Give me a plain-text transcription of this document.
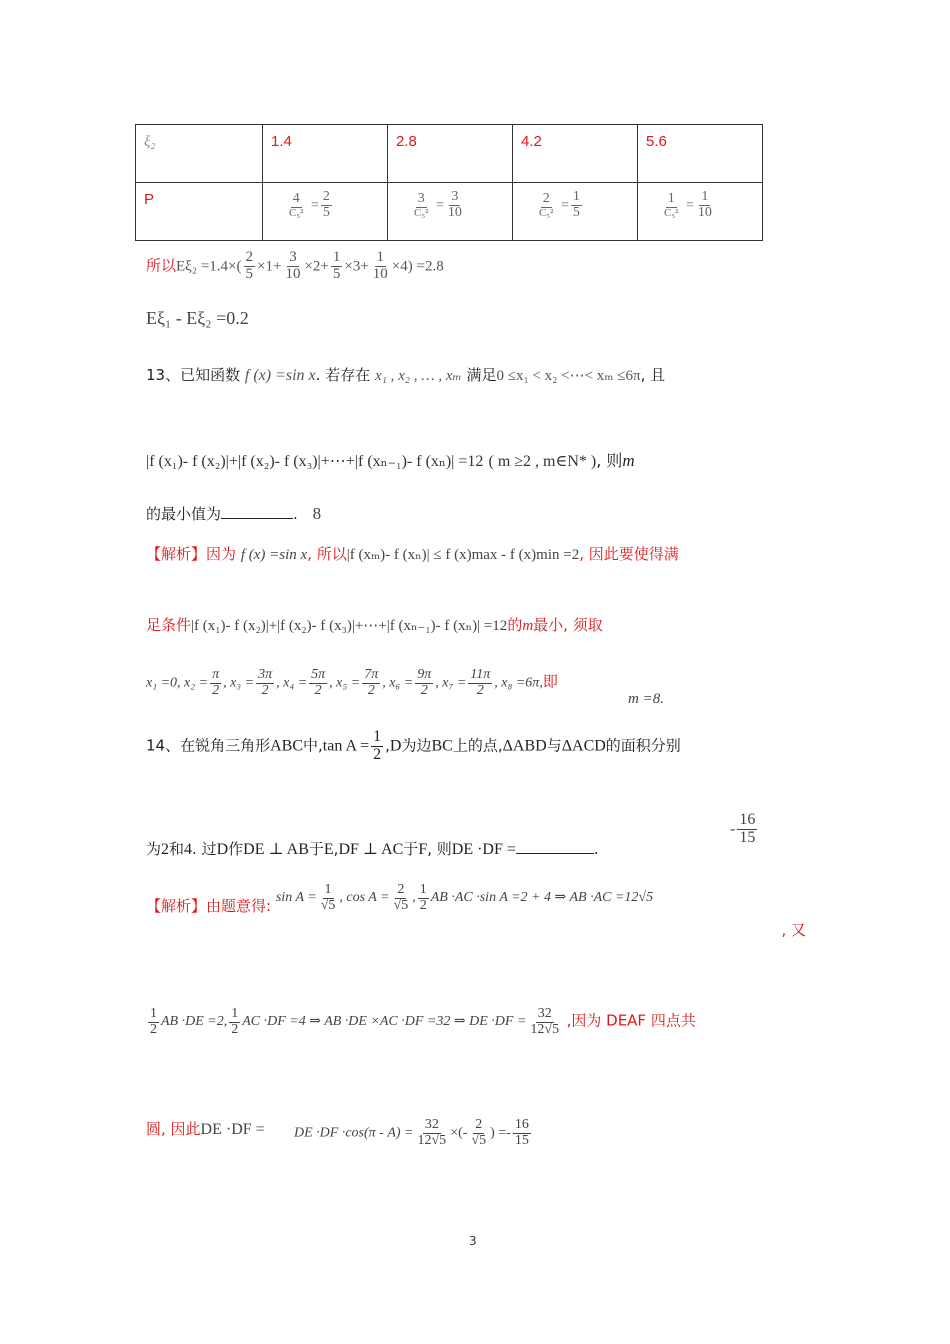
ξ₂	1.4	2.8	4.2	5.6
P	$\frac{4}{\text{C₅²}} = \frac{2}{5}$	$\frac{3}{\text{C₅²}} = \frac{3}{10}$	$\frac{2}{\text{C₅²}} = \frac{1}{5}$	$\frac{1}{\text{C₅²}} = \frac{1}{10}$
所以$E\xi_2 =1.4\times( \frac{2}{5} \times 1+ \frac{3}{10} \times 2+ \frac{1}{5} \times 3+ \frac{1}{10} \times 4) =2.8$
Eξ₁ - Eξ₂ =0.2
13、已知函数 f (x) =sin x. 若存在 x₁ , x₂ , … , xₘ 满足0 ≤x₁ < x₂ <⋯< xₘ ≤6π, 且
|f (x₁)- f (x₂)|+|f (x₂)- f (x₃)|+⋯+|f (xₙ₋₁)- f (xₙ)| =12 ( m ≥2 , m∈N* ), 则m
的最小值为	. 8
【解析】因为 f (x) =sin x, 所以|f (xₘ)- f (xₙ)| ≤ f (x)max - f (x)min =2, 因此要使得满
足条件|f (x₁)- f (x₂)|+|f (x₂)- f (x₃)|+⋯+|f (xₙ₋₁)- f (xₙ)| =12的m最小, 须取
x₁ =0, $x_2 = \frac{\pi}{2}$ , $x_3 = \frac{3\pi}{2}$ , $x_4 = \frac{5\pi}{2}$ , $x_5 = \frac{7\pi}{2}$ , $x_6 = \frac{9\pi}{2}$ , $x_7 = \frac{11\pi}{2}$ , x₈ =6π,即
m =8.
14、在锐角三角形ABC中,tan $A = \frac{1}{2} ,D$为边BC上的点,ΔABD与ΔACD的面积分别
为2和4. 过D作DE ⊥ AB于E,DF ⊥ AC于F, 则DE ·DF =	.
- $\frac{16}{15}$
【解析】由题意得: $\sin A = \frac{1}{√5}$ , $\cos A = \frac{2}{√5}$ , $\frac{1}{2}$ AB ·AC ·sin A =2 + 4 ⇒ AB ·AC =12√5
, 又
$\frac{1}{2}$ AB ·DE =2, $\frac{1}{2}$ AC ·DF =4 ⇒ AB ·DE ×AC ·DF =32 ⇒ DE $\cdot DF = \frac{32}{12√5}$ ,因为 DEAF 四点共
圆, 因此DE ·DF = DE $\cdot DF \cdot\cos(\pi - A) = \frac{32}{12√5}$ ×(- $\frac{2}{√5}$ ) =- $\frac{16}{15}$
3
